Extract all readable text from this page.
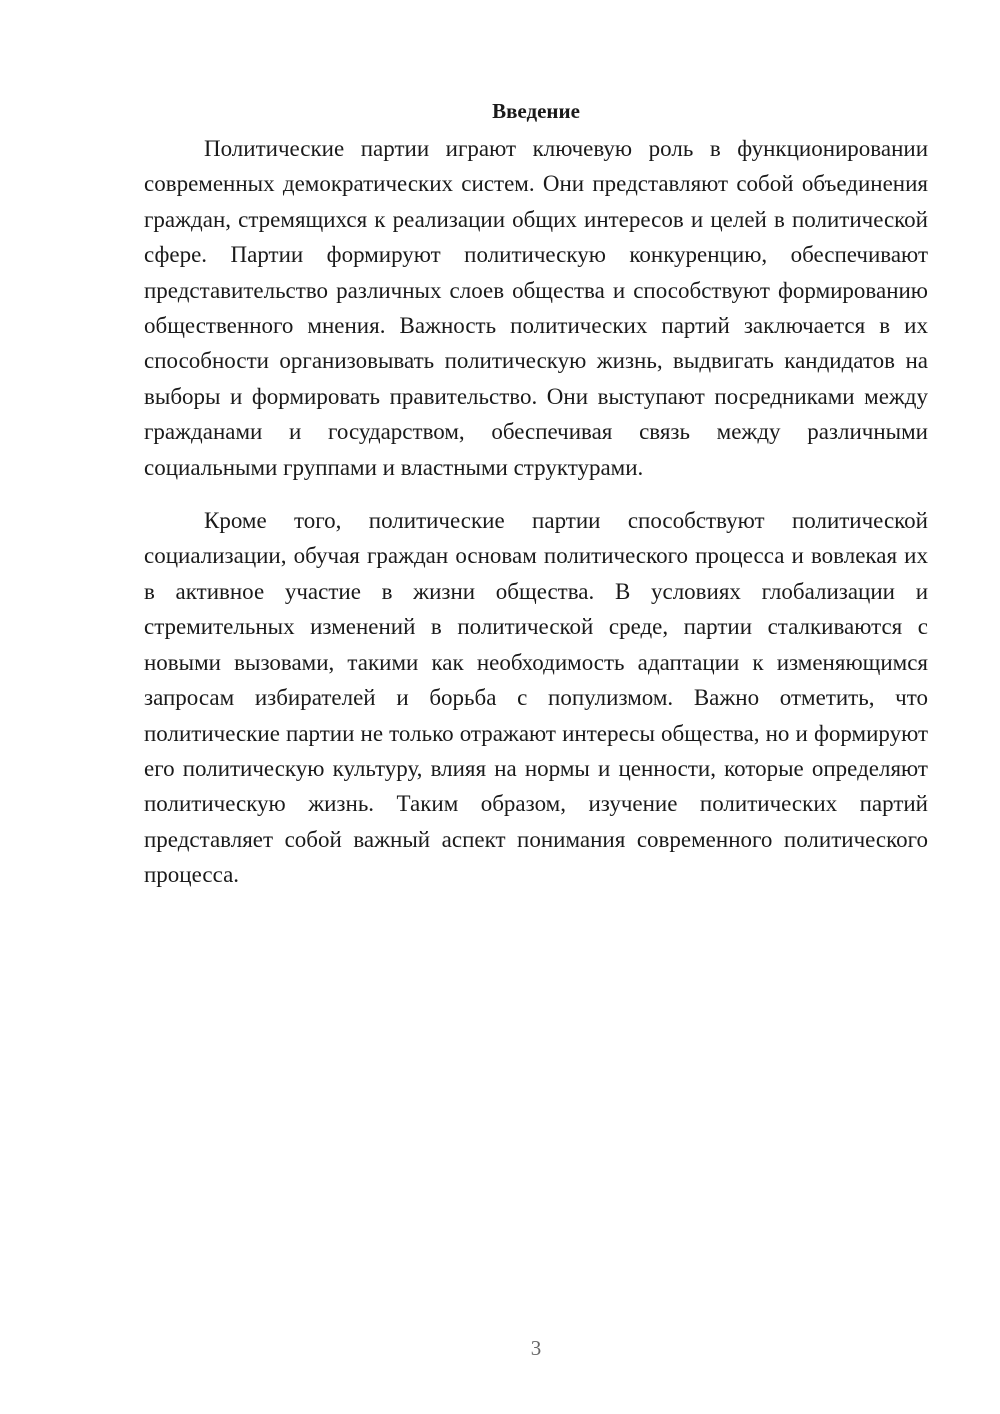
Введение

Политические партии играют ключевую роль в функционировании современных демократических систем. Они представляют собой объединения граждан, стремящихся к реализации общих интересов и целей в политической сфере. Партии формируют политическую конкуренцию, обеспечивают представительство различных слоев общества и способствуют формированию общественного мнения. Важность политических партий заключается в их способности организовывать политическую жизнь, выдвигать кандидатов на выборы и формировать правительство. Они выступают посредниками между гражданами и государством, обеспечивая связь между различными социальными группами и властными структурами.

Кроме того, политические партии способствуют политической социализации, обучая граждан основам политического процесса и вовлекая их в активное участие в жизни общества. В условиях глобализации и стремительных изменений в политической среде, партии сталкиваются с новыми вызовами, такими как необходимость адаптации к изменяющимся запросам избирателей и борьба с популизмом. Важно отметить, что политические партии не только отражают интересы общества, но и формируют его политическую культуру, влияя на нормы и ценности, которые определяют политическую жизнь. Таким образом, изучение политических партий представляет собой важный аспект понимания современного политического процесса.

3
